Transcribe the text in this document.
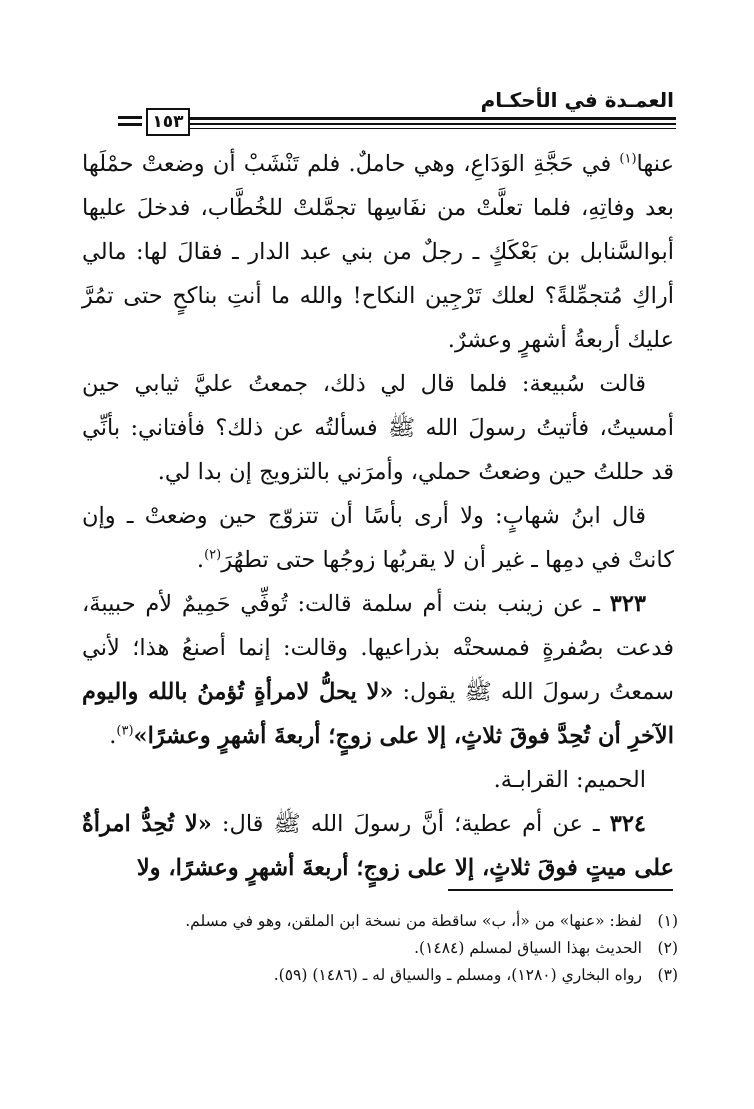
العمـدة في الأحكـام
١٥٣

عنها$^{(١)}$ في حَجَّةِ الوَدَاعِ، وهي حاملٌ. فلم تَنْشَبْ أن وضعتْ حمْلَها بعد وفاتِهِ، فلما تعلَّتْ من نفَاسِها تجمَّلتْ للخُطَّاب، فدخلَ عليها أبوالسَّنابل بن بَعْكَكٍ ـ رجلٌ من بني عبد الدار ـ فقالَ لها: مالي أراكِ مُتجمِّلةً؟ لعلك تَرْجِين النكاح! والله ما أنتِ بناكحٍ حتى تمُرَّ عليك أربعةُ أشهرٍ وعشرٌ.

قالت سُبيعة: فلما قال لي ذلك، جمعتُ عليَّ ثيابي حين أمسيتُ، فأتيتُ رسولَ الله ﷺ فسألتُه عن ذلك؟ فأفتاني: بأنِّي قد حللتُ حين وضعتُ حملي، وأمرَني بالتزويج إن بدا لي.

قال ابنُ شهابٍ: ولا أرى بأسًا أن تتزوّج حين وضعتْ ـ وإن كانتْ في دمِها ـ غير أن لا يقربُها زوجُها حتى تطهُرَ$^{(٢)}$.

٣٢٣ ـ عن زينب بنت أم سلمة قالت: تُوفِّي حَمِيمٌ لأم حبيبةَ، فدعت بصُفرةٍ فمسحتْه بذراعيها. وقالت: إنما أصنعُ هذا؛ لأني سمعتُ رسولَ الله ﷺ يقول: «لا يحلُّ لامرأةٍ تُؤمنُ بالله واليوم الآخرِ أن تُحِدَّ فوقَ ثلاثٍ، إلا على زوجٍ؛ أربعةَ أشهرٍ وعشرًا»$^{(٣)}$.

الحميم: القرابـة.

٣٢٤ ـ عن أم عطية؛ أنَّ رسولَ الله ﷺ قال: «لا تُحِدُّ امرأةٌ على ميتٍ فوقَ ثلاثٍ، إلا على زوجٍ؛ أربعةَ أشهرٍ وعشرًا، ولا

(١)لفظ: «عنها» من «أ، ب» ساقطة من نسخة ابن الملقن، وهو في مسلم.
(٢)الحديث بهذا السياق لمسلم (١٤٨٤).
(٣)رواه البخاري (١٢٨٠)، ومسلم ـ والسياق له ـ (١٤٨٦) (٥٩).
